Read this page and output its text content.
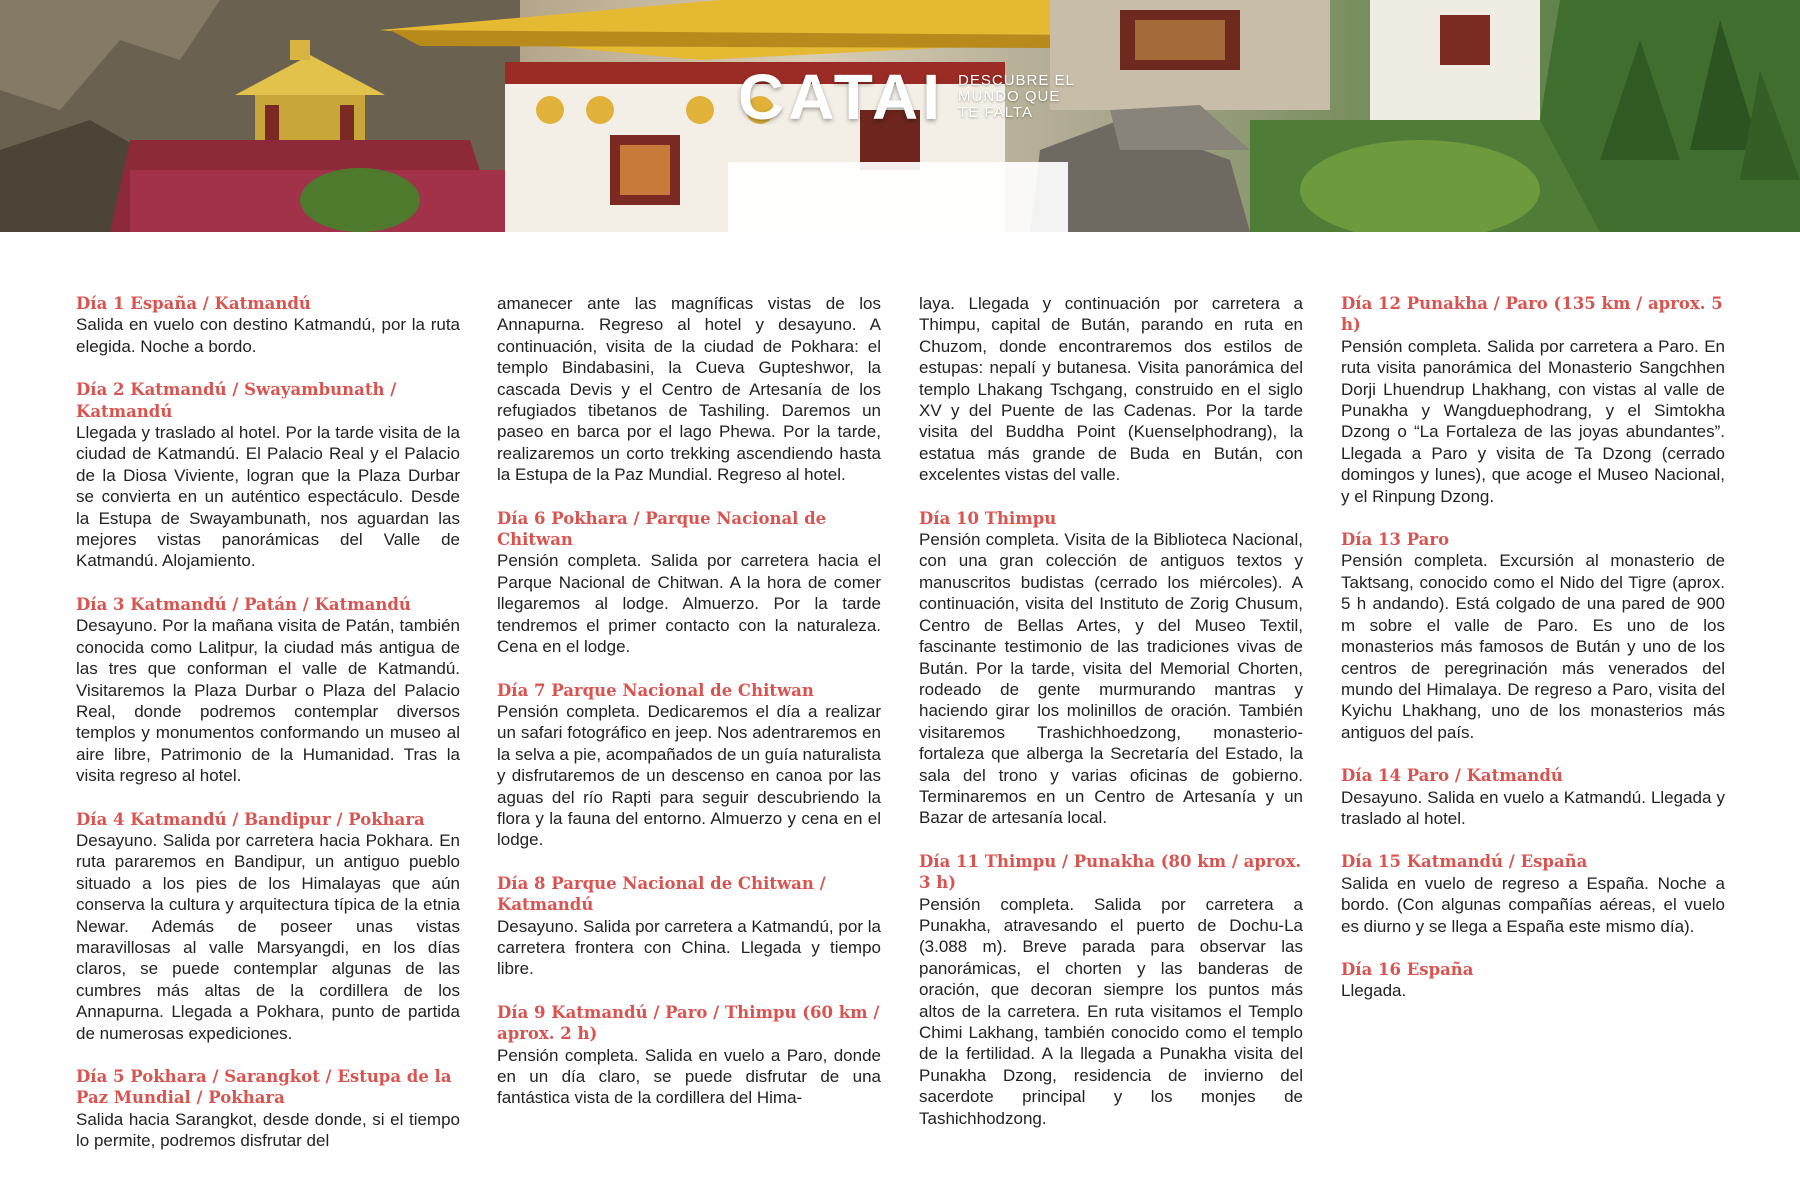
CATAI DESCUBRE EL MUNDO QUE TE FALTA
Día 1 España / Katmandú

Salida en vuelo con destino Katmandú, por la ruta elegida. Noche a bordo.

Día 2 Katmandú / Swayambunath / Katmandú

Llegada y traslado al hotel. Por la tarde visita de la ciudad de Katmandú. El Palacio Real y el Palacio de la Diosa Viviente, logran que la Plaza Durbar se convierta en un auténtico espectáculo. Desde la Estupa de Swayambunath, nos aguardan las mejores vistas panorámicas del Valle de Katmandú. Alojamiento.

Día 3 Katmandú / Patán / Katmandú

Desayuno. Por la mañana visita de Patán, también conocida como Lalitpur, la ciudad más antigua de las tres que conforman el valle de Katmandú. Visitaremos la Plaza Durbar o Plaza del Palacio Real, donde podremos contemplar diversos templos y monumentos conformando un museo al aire libre, Patrimonio de la Humanidad. Tras la visita regreso al hotel.

Día 4 Katmandú / Bandipur / Pokhara

Desayuno. Salida por carretera hacia Pokhara. En ruta pararemos en Bandipur, un antiguo pueblo situado a los pies de los Himalayas que aún conserva la cultura y arquitectura típica de la etnia Newar. Además de poseer unas vistas maravillosas al valle Marsyangdi, en los días claros, se puede contemplar algunas de las cumbres más altas de la cordillera de los Annapurna. Llegada a Pokhara, punto de partida de numerosas expediciones.

Día 5 Pokhara / Sarangkot / Estupa de la Paz Mundial / Pokhara

Salida hacia Sarangkot, desde donde, si el tiempo lo permite, podremos disfrutar del

amanecer ante las magníficas vistas de los Annapurna. Regreso al hotel y desayuno. A continuación, visita de la ciudad de Pokhara: el templo Bindabasini, la Cueva Gupteshwor, la cascada Devis y el Centro de Artesanía de los refugiados tibetanos de Tashiling. Daremos un paseo en barca por el lago Phewa. Por la tarde, realizaremos un corto trekking ascendiendo hasta la Estupa de la Paz Mundial. Regreso al hotel.

Día 6 Pokhara / Parque Nacional de Chitwan

Pensión completa. Salida por carretera hacia el Parque Nacional de Chitwan. A la hora de comer llegaremos al lodge. Almuerzo. Por la tarde tendremos el primer contacto con la naturaleza. Cena en el lodge.

Día 7 Parque Nacional de Chitwan

Pensión completa. Dedicaremos el día a realizar un safari fotográfico en jeep. Nos adentraremos en la selva a pie, acompañados de un guía naturalista y disfrutaremos de un descenso en canoa por las aguas del río Rapti para seguir descubriendo la flora y la fauna del entorno. Almuerzo y cena en el lodge.

Día 8 Parque Nacional de Chitwan / Katmandú

Desayuno. Salida por carretera a Katmandú, por la carretera frontera con China. Llegada y tiempo libre.

Día 9 Katmandú / Paro / Thimpu (60 km / aprox. 2 h)

Pensión completa. Salida en vuelo a Paro, donde en un día claro, se puede disfrutar de una fantástica vista de la cordillera del Hima-

laya. Llegada y continuación por carretera a Thimpu, capital de Bután, parando en ruta en Chuzom, donde encontraremos dos estilos de estupas: nepalí y butanesa. Visita panorámica del templo Lhakang Tschgang, construido en el siglo XV y del Puente de las Cadenas. Por la tarde visita del Buddha Point (Kuenselphodrang), la estatua más grande de Buda en Bután, con excelentes vistas del valle.

Día 10 Thimpu

Pensión completa. Visita de la Biblioteca Nacional, con una gran colección de antiguos textos y manuscritos budistas (cerrado los miércoles). A continuación, visita del Instituto de Zorig Chusum, Centro de Bellas Artes, y del Museo Textil, fascinante testimonio de las tradiciones vivas de Bután. Por la tarde, visita del Memorial Chorten, rodeado de gente murmurando mantras y haciendo girar los molinillos de oración. También visitaremos Trashichhoedzong, monasterio-fortaleza que alberga la Secretaría del Estado, la sala del trono y varias oficinas de gobierno. Terminaremos en un Centro de Artesanía y un Bazar de artesanía local.

Día 11 Thimpu / Punakha (80 km / aprox. 3 h)

Pensión completa. Salida por carretera a Punakha, atravesando el puerto de Dochu-La (3.088 m). Breve parada para observar las panorámicas, el chorten y las banderas de oración, que decoran siempre los puntos más altos de la carretera. En ruta visitamos el Templo Chimi Lakhang, también conocido como el templo de la fertilidad. A la llegada a Punakha visita del Punakha Dzong, residencia de invierno del sacerdote principal y los monjes de Tashichhodzong.

Día 12 Punakha / Paro (135 km / aprox. 5 h)

Pensión completa. Salida por carretera a Paro. En ruta visita panorámica del Monasterio Sangchhen Dorji Lhuendrup Lhakhang, con vistas al valle de Punakha y Wangduephodrang, y el Simtokha Dzong o “La Fortaleza de las joyas abundantes”. Llegada a Paro y visita de Ta Dzong (cerrado domingos y lunes), que acoge el Museo Nacional, y el Rinpung Dzong.

Día 13 Paro

Pensión completa. Excursión al monasterio de Taktsang, conocido como el Nido del Tigre (aprox. 5 h andando). Está colgado de una pared de 900 m sobre el valle de Paro. Es uno de los monasterios más famosos de Bután y uno de los centros de peregrinación más venerados del mundo del Himalaya. De regreso a Paro, visita del Kyichu Lhakhang, uno de los monasterios más antiguos del país.

Día 14 Paro / Katmandú

Desayuno. Salida en vuelo a Katmandú. Llegada y traslado al hotel.

Día 15 Katmandú / España

Salida en vuelo de regreso a España. Noche a bordo. (Con algunas compañías aéreas, el vuelo es diurno y se llega a España este mismo día).

Día 16 España

Llegada.
